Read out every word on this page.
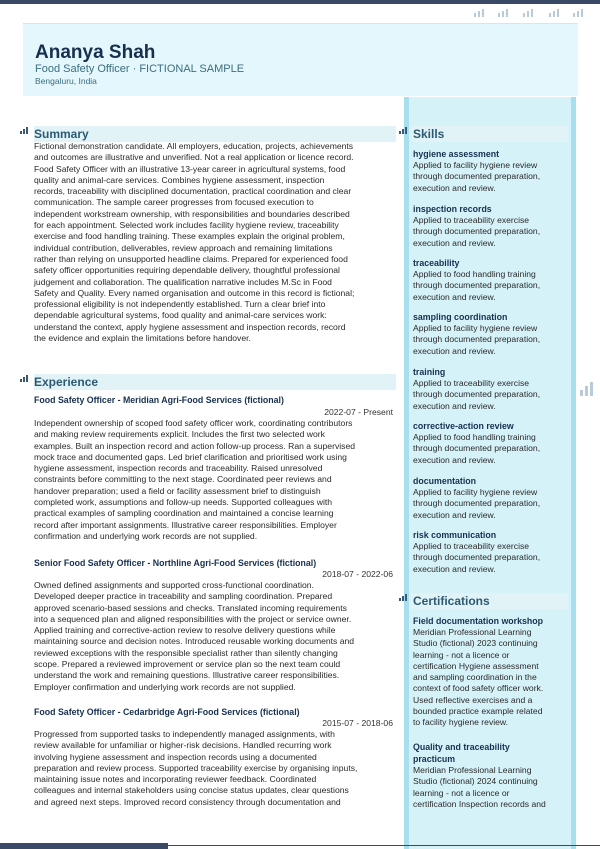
Ananya Shah
Food Safety Officer · FICTIONAL SAMPLE
Bengaluru, India
Summary
Fictional demonstration candidate. All employers, education, projects, achievements
and outcomes are illustrative and unverified. Not a real application or licence record.
Food Safety Officer with an illustrative 13-year career in agricultural systems, food
quality and animal-care services. Combines hygiene assessment, inspection
records, traceability with disciplined documentation, practical coordination and clear
communication. The sample career progresses from focused execution to
independent workstream ownership, with responsibilities and boundaries described
for each appointment. Selected work includes facility hygiene review, traceability
exercise and food handling training. These examples explain the original problem,
individual contribution, deliverables, review approach and remaining limitations
rather than relying on unsupported headline claims. Prepared for experienced food
safety officer opportunities requiring dependable delivery, thoughtful professional
judgement and collaboration. The qualification narrative includes M.Sc in Food
Safety and Quality. Every named organisation and outcome in this record is fictional;
professional eligibility is not independently established. Turn a clear brief into
dependable agricultural systems, food quality and animal-care services work:
understand the context, apply hygiene assessment and inspection records, record
the evidence and explain the limitations before handover.
Experience
Food Safety Officer - Meridian Agri-Food Services (fictional)
2022-07 - Present
Independent ownership of scoped food safety officer work, coordinating contributors
and making review requirements explicit. Includes the first two selected work
examples. Built an inspection record and action follow-up process. Ran a supervised
mock trace and documented gaps. Led brief clarification and prioritised work using
hygiene assessment, inspection records and traceability. Raised unresolved
constraints before committing to the next stage. Coordinated peer reviews and
handover preparation; used a field or facility assessment brief to distinguish
completed work, assumptions and follow-up needs. Supported colleagues with
practical examples of sampling coordination and maintained a concise learning
record after important assignments. Illustrative career responsibilities. Employer
confirmation and underlying work records are not supplied.
Senior Food Safety Officer - Northline Agri-Food Services (fictional)
2018-07 - 2022-06
Owned defined assignments and supported cross-functional coordination.
Developed deeper practice in traceability and sampling coordination. Prepared
approved scenario-based sessions and checks. Translated incoming requirements
into a sequenced plan and aligned responsibilities with the project or service owner.
Applied training and corrective-action review to resolve delivery questions while
maintaining source and decision notes. Introduced reusable working documents and
reviewed exceptions with the responsible specialist rather than silently changing
scope. Prepared a reviewed improvement or service plan so the next team could
understand the work and remaining questions. Illustrative career responsibilities.
Employer confirmation and underlying work records are not supplied.
Food Safety Officer - Cedarbridge Agri-Food Services (fictional)
2015-07 - 2018-06
Progressed from supported tasks to independently managed assignments, with
review available for unfamiliar or higher-risk decisions. Handled recurring work
involving hygiene assessment and inspection records using a documented
preparation and review process. Supported traceability exercise by organising inputs,
maintaining issue notes and incorporating reviewer feedback. Coordinated
colleagues and internal stakeholders using concise status updates, clear questions
and agreed next steps. Improved record consistency through documentation and
Skills
hygiene assessment
Applied to facility hygiene review
through documented preparation,
execution and review.
inspection records
Applied to traceability exercise
through documented preparation,
execution and review.
traceability
Applied to food handling training
through documented preparation,
execution and review.
sampling coordination
Applied to facility hygiene review
through documented preparation,
execution and review.
training
Applied to traceability exercise
through documented preparation,
execution and review.
corrective-action review
Applied to food handling training
through documented preparation,
execution and review.
documentation
Applied to facility hygiene review
through documented preparation,
execution and review.
risk communication
Applied to traceability exercise
through documented preparation,
execution and review.
Certifications
Field documentation workshop
Meridian Professional Learning
Studio (fictional) 2023 continuing
learning - not a licence or
certification Hygiene assessment
and sampling coordination in the
context of food safety officer work.
Used reflective exercises and a
bounded practice example related
to facility hygiene review.
Quality and traceability
practicum
Meridian Professional Learning
Studio (fictional) 2024 continuing
learning - not a licence or
certification Inspection records and
